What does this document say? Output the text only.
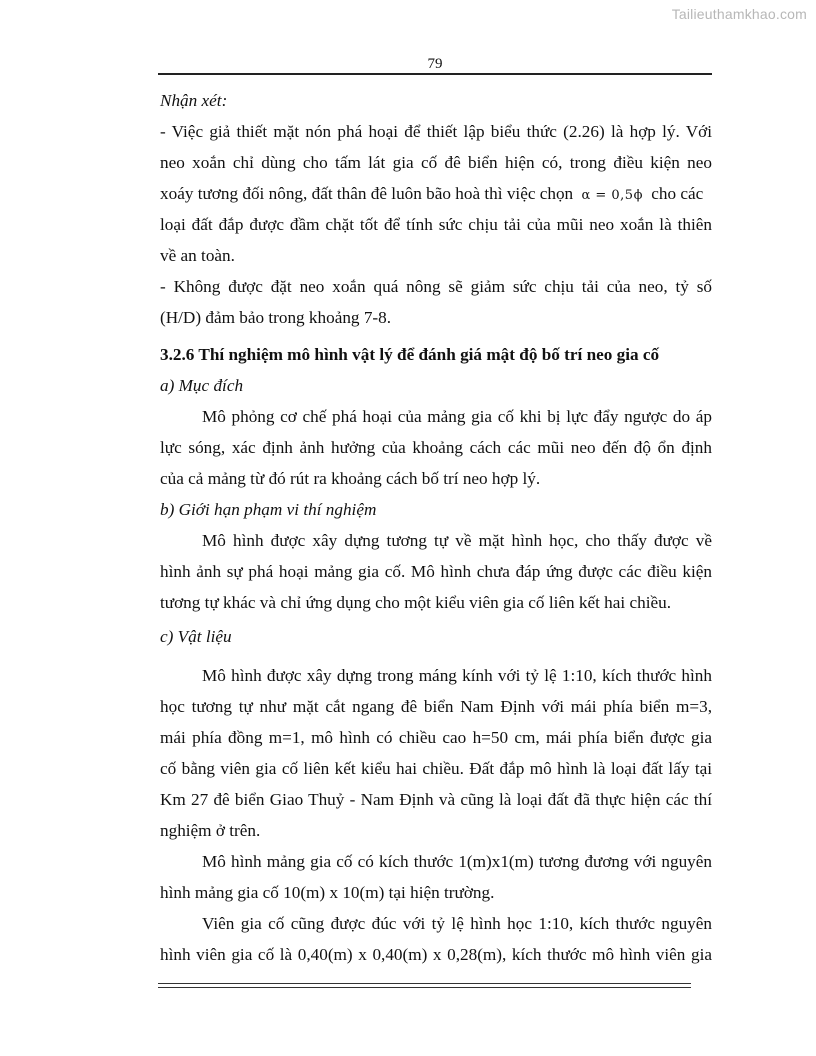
Tailieuthamkhao.com
79
Nhận xét:
- Việc giả thiết mặt nón phá hoại để thiết lập biểu thức (2.26) là hợp lý. Với
neo xoắn chỉ dùng cho tấm lát gia cố đê biển hiện có, trong điều kiện neo
xoáy tương đối nông, đất thân đê luôn bão hoà thì việc chọn α = 0,5ϕ cho các
loại đất đắp được đầm chặt tốt để tính sức chịu tải của mũi neo xoắn là thiên
về an toàn.
- Không được đặt neo xoắn quá nông sẽ giảm sức chịu tải của neo, tỷ số
(H/D) đảm bảo trong khoảng 7-8.
3.2.6 Thí nghiệm mô hình vật lý để đánh giá mật độ bố trí neo gia cố
a) Mục đích
Mô phỏng cơ chế phá hoại của mảng gia cố khi bị lực đẩy ngược do áp
lực sóng, xác định ảnh hưởng của khoảng cách các mũi neo đến độ ổn định
của cả mảng từ đó rút ra khoảng cách bố trí neo hợp lý.
b) Giới hạn phạm vi thí nghiệm
Mô hình được xây dựng tương tự về mặt hình học, cho thấy được về
hình ảnh sự phá hoại mảng gia cố. Mô hình chưa đáp ứng được các điều kiện
tương tự khác và chỉ ứng dụng cho một kiểu viên gia cố liên kết hai chiều.
c) Vật liệu
Mô hình được xây dựng trong máng kính với tỷ lệ 1:10, kích thước hình
học tương tự như mặt cắt ngang đê biển Nam Định với mái phía biển m=3,
mái phía đồng m=1, mô hình có chiều cao h=50 cm, mái phía biển được gia
cố bằng viên gia cố liên kết kiểu hai chiều. Đất đắp mô hình là loại đất lấy tại
Km 27 đê biển Giao Thuỷ - Nam Định và cũng là loại đất đã thực hiện các thí
nghiệm ở trên.
Mô hình mảng gia cố có kích thước 1(m)x1(m) tương đương với nguyên
hình mảng gia cố 10(m) x 10(m) tại hiện trường.
Viên gia cố cũng được đúc với tỷ lệ hình học 1:10, kích thước nguyên
hình viên gia cố là 0,40(m) x 0,40(m) x 0,28(m), kích thước mô hình viên gia
